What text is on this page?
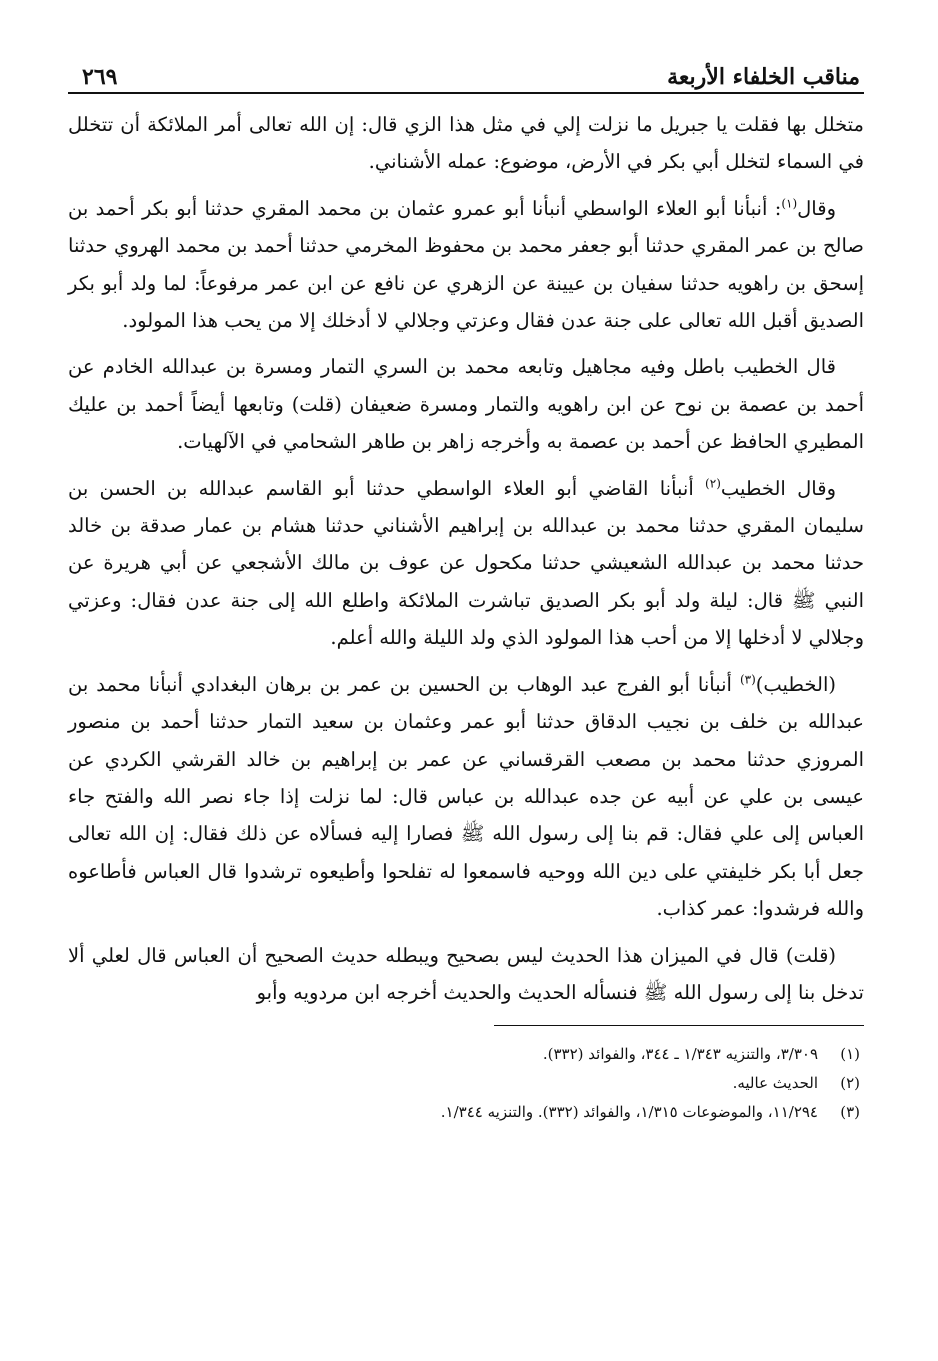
مناقب الخلفاء الأربعة
٢٦٩

متخلل بها فقلت يا جبريل ما نزلت إلي في مثل هذا الزي قال: إن الله تعالى أمر الملائكة أن تتخلل في السماء لتخلل أبي بكر في الأرض، موضوع: عمله الأشناني.

وقال$^{(١)}$: أنبأنا أبو العلاء الواسطي أنبأنا أبو عمرو عثمان بن محمد المقري حدثنا أبو بكر أحمد بن صالح بن عمر المقري حدثنا أبو جعفر محمد بن محفوظ المخرمي حدثنا أحمد بن محمد الهروي حدثنا إسحق بن راهويه حدثنا سفيان بن عيينة عن الزهري عن نافع عن ابن عمر مرفوعاً: لما ولد أبو بكر الصديق أقبل الله تعالى على جنة عدن فقال وعزتي وجلالي لا أدخلك إلا من يحب هذا المولود.

قال الخطيب باطل وفيه مجاهيل وتابعه محمد بن السري التمار ومسرة بن عبدالله الخادم عن أحمد بن عصمة بن نوح عن ابن راهويه والتمار ومسرة ضعيفان (قلت) وتابعها أيضاً أحمد بن عليك المطيري الحافظ عن أحمد بن عصمة به وأخرجه زاهر بن طاهر الشحامي في الآلهيات.

وقال الخطيب$^{(٢)}$ أنبأنا القاضي أبو العلاء الواسطي حدثنا أبو القاسم عبدالله بن الحسن بن سليمان المقري حدثنا محمد بن عبدالله بن إبراهيم الأشناني حدثنا هشام بن عمار صدقة بن خالد حدثنا محمد بن عبدالله الشعيشي حدثنا مكحول عن عوف بن مالك الأشجعي عن أبي هريرة عن النبي ﷺ قال: ليلة ولد أبو بكر الصديق تباشرت الملائكة واطلع الله إلى جنة عدن فقال: وعزتي وجلالي لا أدخلها إلا من أحب هذا المولود الذي ولد الليلة والله أعلم.

(الخطيب)$^{(٣)}$ أنبأنا أبو الفرج عبد الوهاب بن الحسين بن عمر بن برهان البغدادي أنبأنا محمد بن عبدالله بن خلف بن نجيب الدقاق حدثنا أبو عمر وعثمان بن سعيد التمار حدثنا أحمد بن منصور المروزي حدثنا محمد بن مصعب القرقساني عن عمر بن إبراهيم بن خالد القرشي الكردي عن عيسى بن علي عن أبيه عن جده عبدالله بن عباس قال: لما نزلت إذا جاء نصر الله والفتح جاء العباس إلى علي فقال: قم بنا إلى رسول الله ﷺ فصارا إليه فسألاه عن ذلك فقال: إن الله تعالى جعل أبا بكر خليفتي على دين الله ووحيه فاسمعوا له تفلحوا وأطيعوه ترشدوا قال العباس فأطاعوه والله فرشدوا: عمر كذاب.

(قلت) قال في الميزان هذا الحديث ليس بصحيح ويبطله حديث الصحيح أن العباس قال لعلي ألا تدخل بنا إلى رسول الله ﷺ فنسأله الحديث والحديث أخرجه ابن مردويه وأبو

(١)
٣/٣٠٩، والتنزيه ١/٣٤٣ ـ ٣٤٤، والفوائد (٣٣٢).
(٢)
الحديث عاليه.
(٣)
١١/٢٩٤، والموضوعات ١/٣١٥، والفوائد (٣٣٢). والتنزيه ١/٣٤٤.
